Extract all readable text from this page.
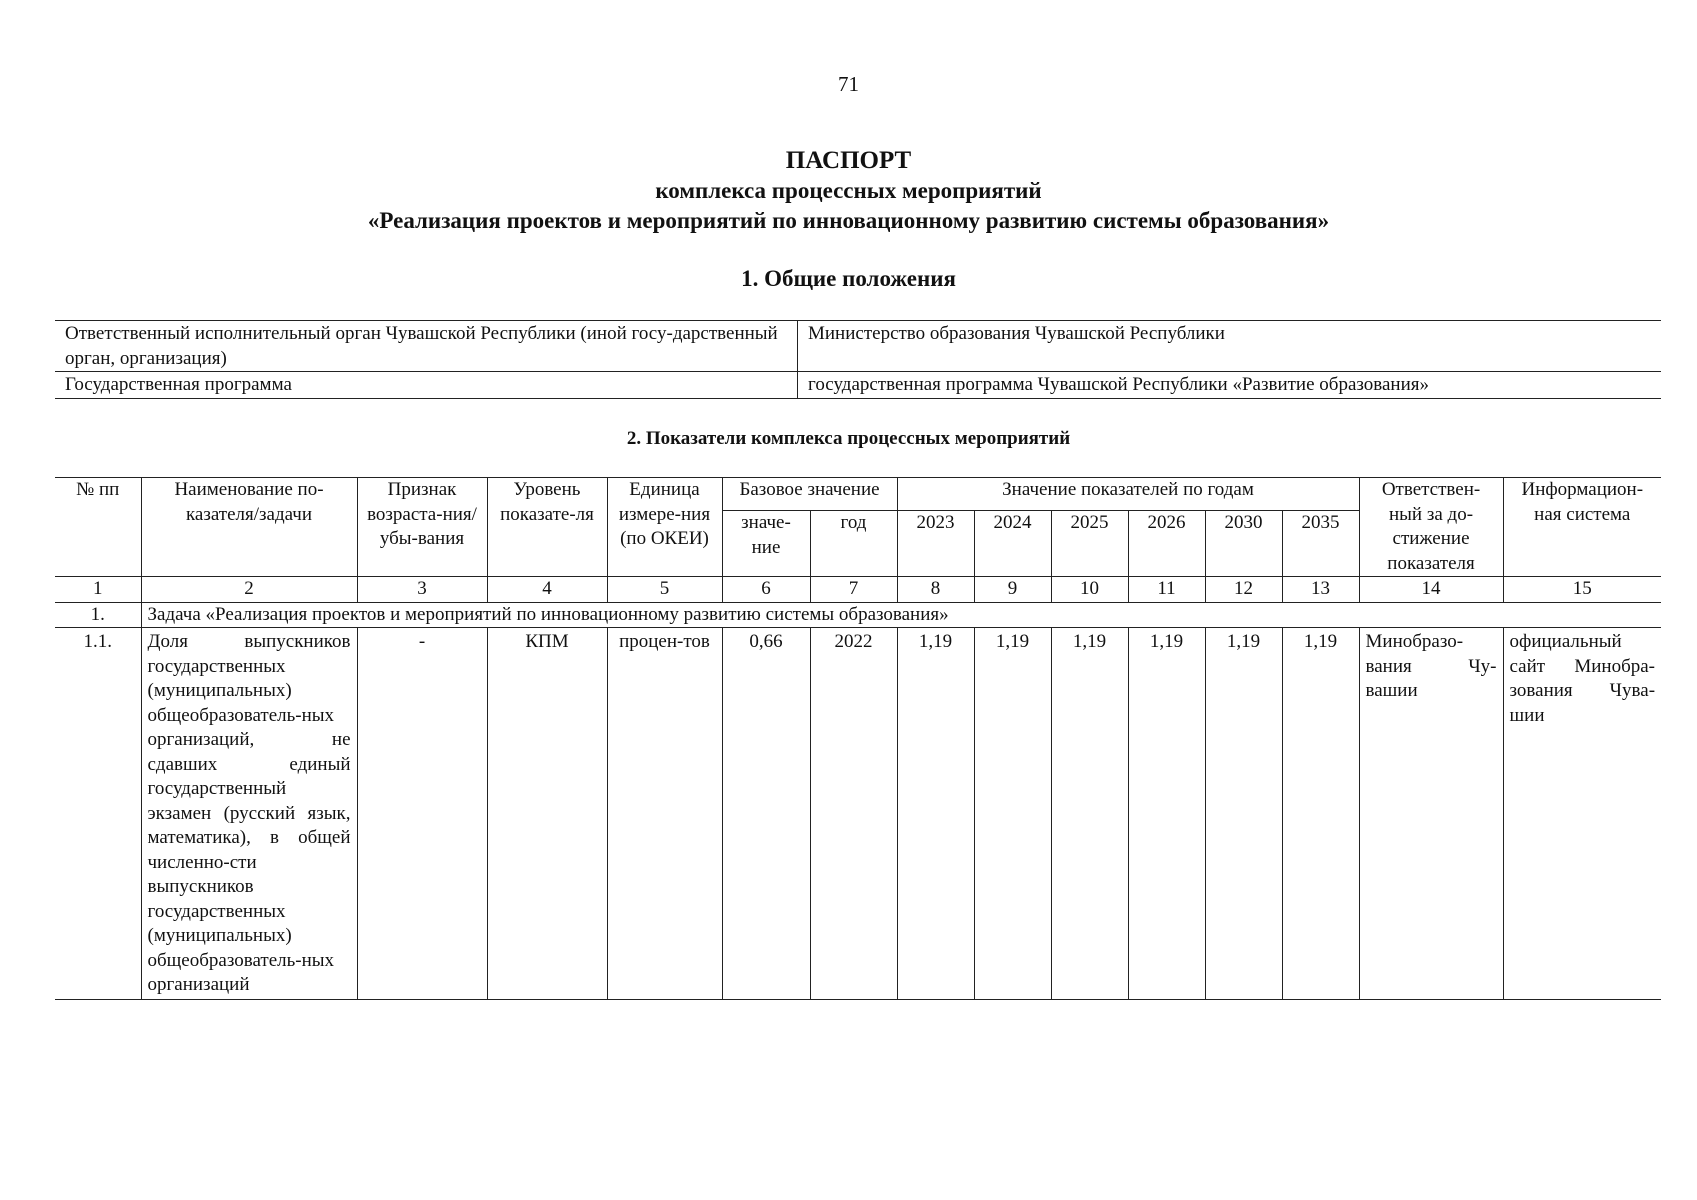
71
ПАСПОРТ
комплекса процессных мероприятий
«Реализация проектов и мероприятий по инновационному развитию системы образования»
1. Общие положения
Ответственный исполнительный орган Чувашской Республики (иной госу-дарственный орган, организация)	Министерство образования Чувашской Республики
Государственная программа	государственная программа Чувашской Республики «Развитие образования»
2. Показатели комплекса процессных мероприятий
№ пп	Наименование по-казателя/задачи	Признак возраста-ния/убы-вания	Уровень показате-ля	Единица измере-ния (по ОКЕИ)	Базовое значение		Значение показателей по годам						Ответствен-ный за до-стижение показателя	Информацион-ная система
					значе-ние	год	2023	2024	2025	2026	2030	2035		
1	2	3	4	5	6	7	8	9	10	11	12	13	14	15
1.	Задача «Реализация проектов и мероприятий по инновационному развитию системы образования»													
1.1.	Доля выпускников государственных (муниципальных) общеобразователь-ных организаций, не сдавших единый государственный экзамен (русский язык, математика), в общей численно-сти выпускников государственных (муниципальных) общеобразователь-ных организаций	-	КПМ	процен-тов	0,66	2022	1,19	1,19	1,19	1,19	1,19	1,19	Минобразо-вания Чу-вашии	официальный сайт Минобра-зования Чува-шии
